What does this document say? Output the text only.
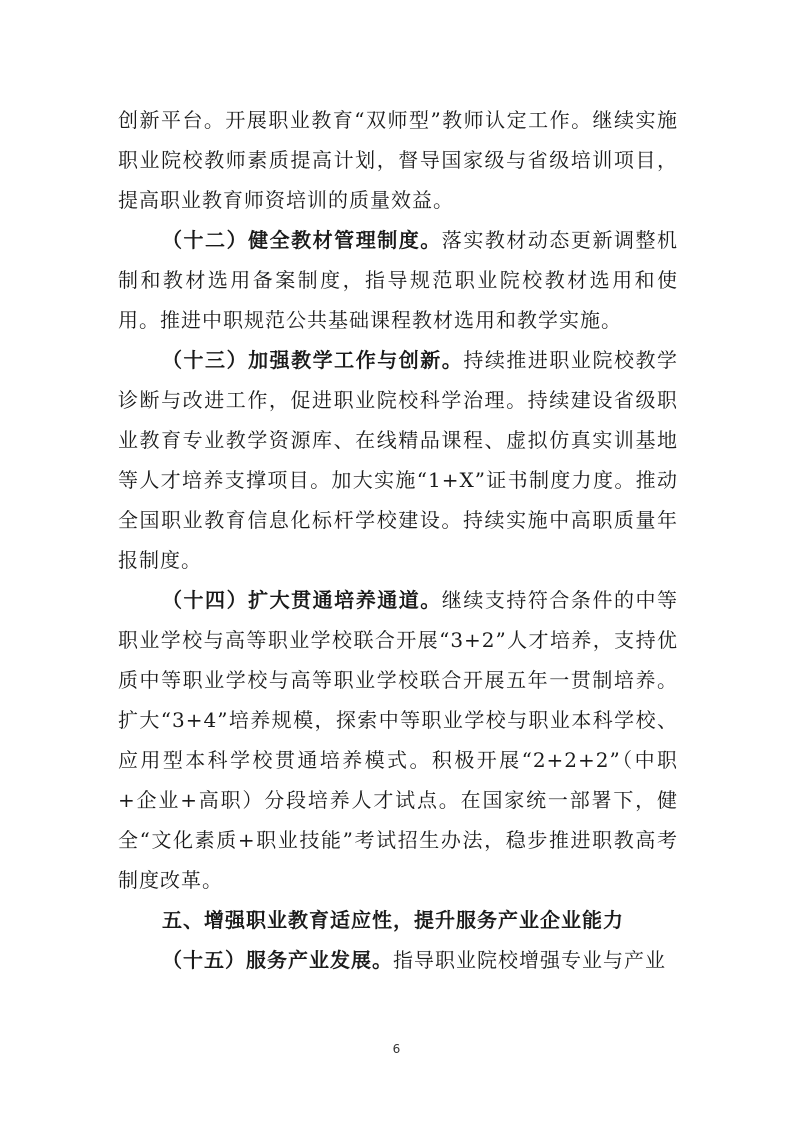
创新平台。开展职业教育“双师型”教师认定工作。继续实施职业院校教师素质提高计划，督导国家级与省级培训项目，提高职业教育师资培训的质量效益。

（十二）健全教材管理制度。落实教材动态更新调整机制和教材选用备案制度，指导规范职业院校教材选用和使用。推进中职规范公共基础课程教材选用和教学实施。

（十三）加强教学工作与创新。持续推进职业院校教学诊断与改进工作，促进职业院校科学治理。持续建设省级职业教育专业教学资源库、在线精品课程、虚拟仿真实训基地等人才培养支撑项目。加大实施“1+X”证书制度力度。推动全国职业教育信息化标杆学校建设。持续实施中高职质量年报制度。

（十四）扩大贯通培养通道。继续支持符合条件的中等职业学校与高等职业学校联合开展“3+2”人才培养，支持优质中等职业学校与高等职业学校联合开展五年一贯制培养。扩大“3+4”培养规模，探索中等职业学校与职业本科学校、应用型本科学校贯通培养模式。积极开展“2+2+2”（中职+企业+高职）分段培养人才试点。在国家统一部署下，健全“文化素质+职业技能”考试招生办法，稳步推进职教高考制度改革。

五、增强职业教育适应性，提升服务产业企业能力

（十五）服务产业发展。指导职业院校增强专业与产业

6
